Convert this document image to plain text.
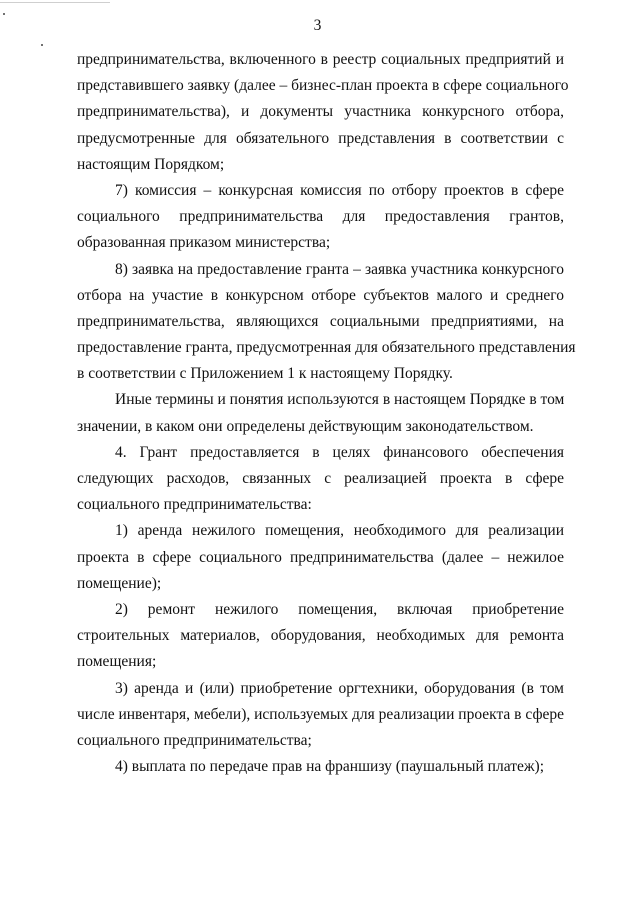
3

предпринимательства, включенного в реестр социальных предприятий и
представившего заявку (далее – бизнес-план проекта в сфере социального
предпринимательства), и документы участника конкурсного отбора,
предусмотренные для обязательного представления в соответствии с
настоящим Порядком;

7) комиссия – конкурсная комиссия по отбору проектов в сфере
социального предпринимательства для предоставления грантов,
образованная приказом министерства;

8) заявка на предоставление гранта – заявка участника конкурсного
отбора на участие в конкурсном отборе субъектов малого и среднего
предпринимательства, являющихся социальными предприятиями, на
предоставление гранта, предусмотренная для обязательного представления
в соответствии с Приложением 1 к настоящему Порядку.

Иные термины и понятия используются в настоящем Порядке в том
значении, в каком они определены действующим законодательством.

4. Грант предоставляется в целях финансового обеспечения
следующих расходов, связанных с реализацией проекта в сфере
социального предпринимательства:

1) аренда нежилого помещения, необходимого для реализации
проекта в сфере социального предпринимательства (далее – нежилое
помещение);

2) ремонт нежилого помещения, включая приобретение
строительных материалов, оборудования, необходимых для ремонта
помещения;

3) аренда и (или) приобретение оргтехники, оборудования (в том
числе инвентаря, мебели), используемых для реализации проекта в сфере
социального предпринимательства;

4) выплата по передаче прав на франшизу (паушальный платеж);
